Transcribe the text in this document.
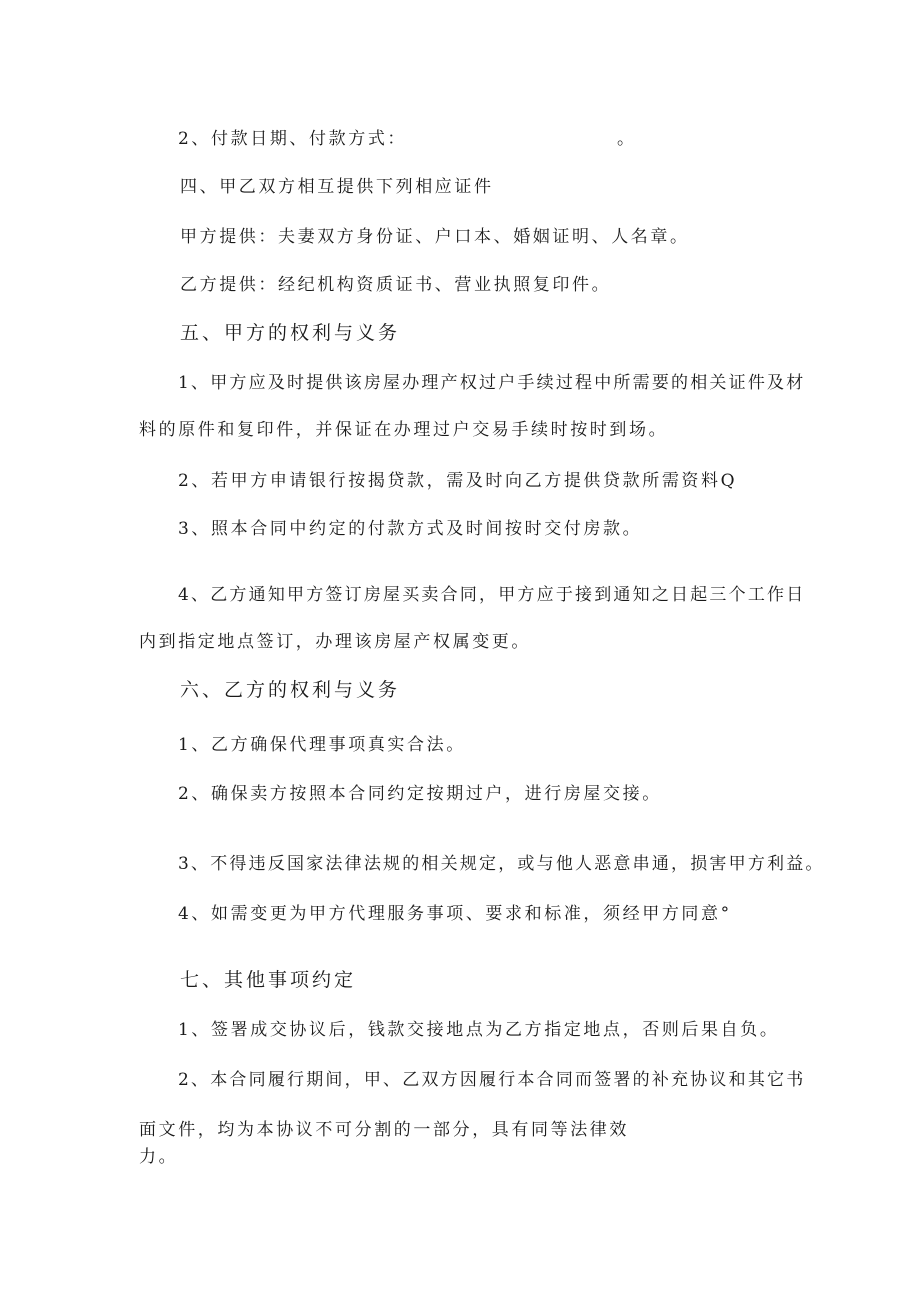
2、付款日期、付款方式：	。
四、甲乙双方相互提供下列相应证件
甲方提供：夫妻双方身份证、户口本、婚姻证明、人名章。
乙方提供：经纪机构资质证书、营业执照复印件。
五、甲方的权利与义务
1、甲方应及时提供该房屋办理产权过户手续过程中所需要的相关证件及材
料的原件和复印件，并保证在办理过户交易手续时按时到场。
2、若甲方申请银行按揭贷款，需及时向乙方提供贷款所需资料Q
3、照本合同中约定的付款方式及时间按时交付房款。
4、乙方通知甲方签订房屋买卖合同，甲方应于接到通知之日起三个工作日
内到指定地点签订，办理该房屋产权属变更。
六、乙方的权利与义务
1、乙方确保代理事项真实合法。
2、确保卖方按照本合同约定按期过户，进行房屋交接。
3、不得违反国家法律法规的相关规定，或与他人恶意串通，损害甲方利益。
4、如需变更为甲方代理服务事项、要求和标准，须经甲方同意°
七、其他事项约定
1、签署成交协议后，钱款交接地点为乙方指定地点，否则后果自负。
2、本合同履行期间，甲、乙双方因履行本合同而签署的补充协议和其它书
面文件，均为本协议不可分割的一部分，具有同等法律效
力。
